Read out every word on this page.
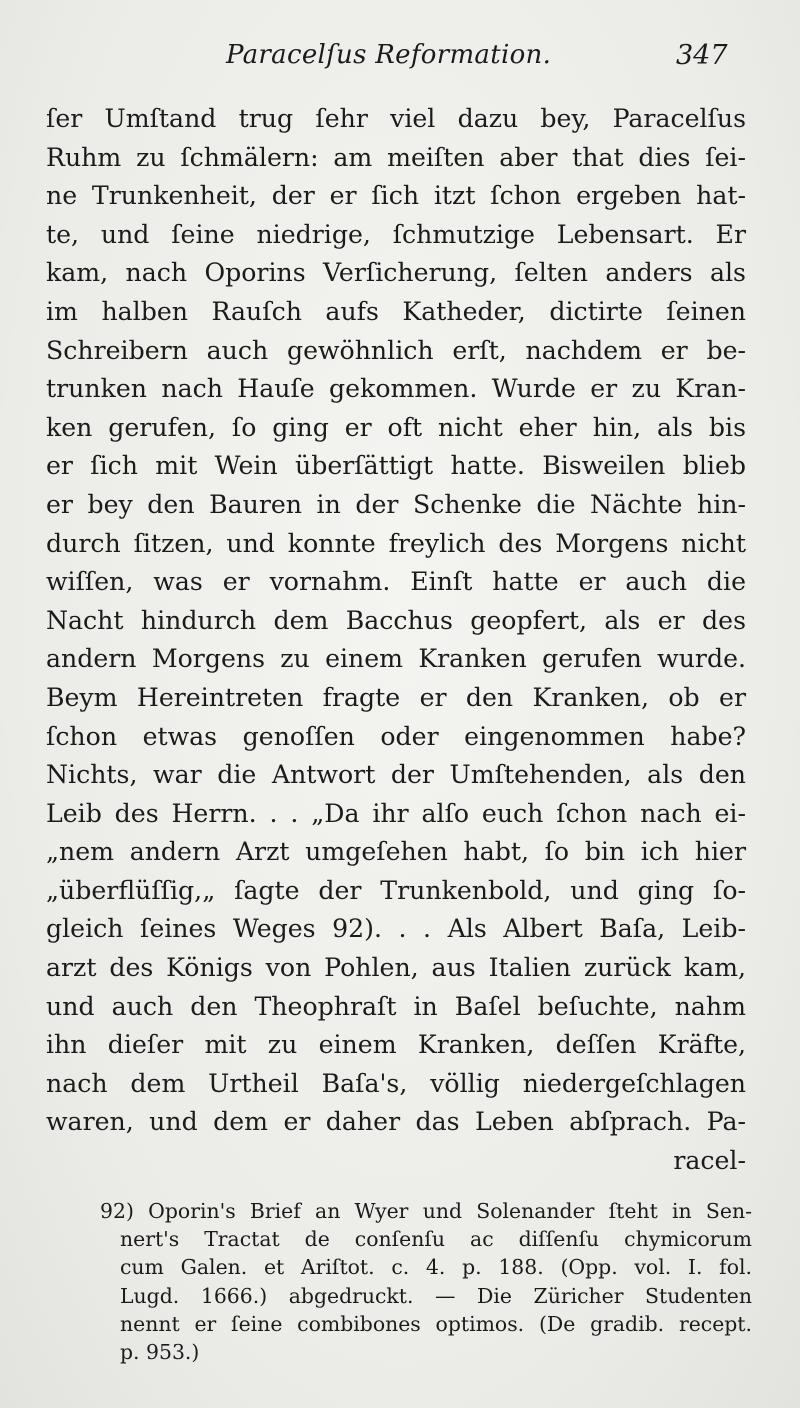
Paracelſus Reformation.	347
ſer Umſtand trug ſehr viel dazu bey, Paracelſus
Ruhm zu ſchmälern: am meiſten aber that dies ſei-
ne Trunkenheit, der er ſich itzt ſchon ergeben hat-
te, und ſeine niedrige, ſchmutzige Lebensart. Er
kam, nach Oporins Verſicherung, ſelten anders als
im halben Rauſch aufs Katheder, dictirte ſeinen
Schreibern auch gewöhnlich erſt, nachdem er be-
trunken nach Hauſe gekommen. Wurde er zu Kran-
ken gerufen, ſo ging er oft nicht eher hin, als bis
er ſich mit Wein überſättigt hatte. Bisweilen blieb
er bey den Bauren in der Schenke die Nächte hin-
durch ſitzen, und konnte freylich des Morgens nicht
wiſſen, was er vornahm. Einſt hatte er auch die
Nacht hindurch dem Bacchus geopfert, als er des
andern Morgens zu einem Kranken gerufen wurde.
Beym Hereintreten fragte er den Kranken, ob er
ſchon etwas genoſſen oder eingenommen habe?
Nichts, war die Antwort der Umſtehenden, als den
Leib des Herrn. . . „Da ihr alſo euch ſchon nach ei-
„nem andern Arzt umgeſehen habt, ſo bin ich hier
„überflüſſig,„ ſagte der Trunkenbold, und ging ſo-
gleich ſeines Weges 92). . . Als Albert Baſa, Leib-
arzt des Königs von Pohlen, aus Italien zurück kam,
und auch den Theophraſt in Baſel beſuchte, nahm
ihn dieſer mit zu einem Kranken, deſſen Kräfte,
nach dem Urtheil Baſa's, völlig niedergeſchlagen
waren, und dem er daher das Leben abſprach. Pa-
racel-
92) Oporin's Brief an Wyer und Solenander ſteht in Sen-
nert's Tractat de conſenſu ac diſſenſu chymicorum
cum Galen. et Ariſtot. c. 4. p. 188. (Opp. vol. I. fol.
Lugd. 1666.) abgedruckt. — Die Züricher Studenten
nennt er ſeine combibones optimos. (De gradib. recept.
p. 953.)
